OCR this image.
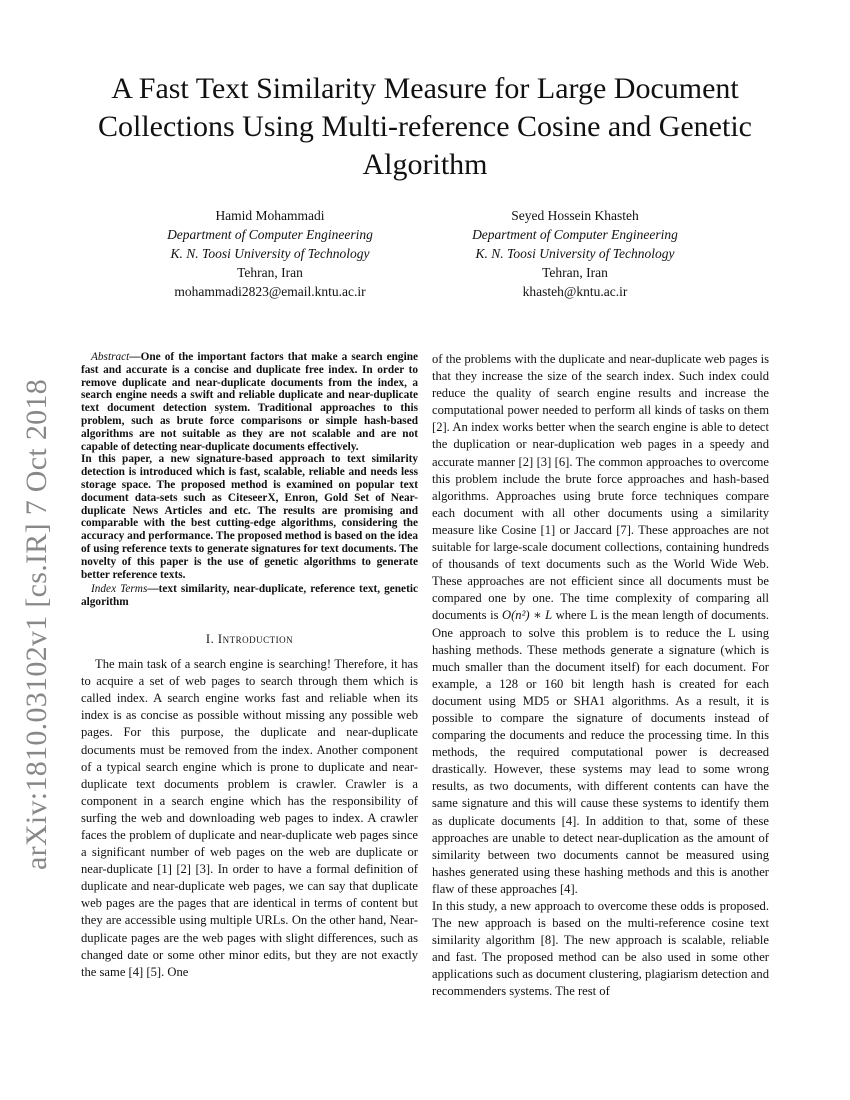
arXiv:1810.03102v1 [cs.IR] 7 Oct 2018
A Fast Text Similarity Measure for Large Document Collections Using Multi-reference Cosine and Genetic Algorithm
Hamid Mohammadi
Department of Computer Engineering
K. N. Toosi University of Technology
Tehran, Iran
mohammadi2823@email.kntu.ac.ir
Seyed Hossein Khasteh
Department of Computer Engineering
K. N. Toosi University of Technology
Tehran, Iran
khasteh@kntu.ac.ir

Abstract—One of the important factors that make a search engine fast and accurate is a concise and duplicate free index. In order to remove duplicate and near-duplicate documents from the index, a search engine needs a swift and reliable duplicate and near-duplicate text document detection system. Traditional approaches to this problem, such as brute force comparisons or simple hash-based algorithms are not suitable as they are not scalable and are not capable of detecting near-duplicate documents effectively.

In this paper, a new signature-based approach to text similarity detection is introduced which is fast, scalable, reliable and needs less storage space. The proposed method is examined on popular text document data-sets such as CiteseerX, Enron, Gold Set of Near-duplicate News Articles and etc. The results are promising and comparable with the best cutting-edge algorithms, considering the accuracy and performance. The proposed method is based on the idea of using reference texts to generate signatures for text documents. The novelty of this paper is the use of genetic algorithms to generate better reference texts.

Index Terms—text similarity, near-duplicate, reference text, genetic algorithm

I. Introduction

The main task of a search engine is searching! Therefore, it has to acquire a set of web pages to search through them which is called index. A search engine works fast and reliable when its index is as concise as possible without missing any possible web pages. For this purpose, the duplicate and near-duplicate documents must be removed from the index. Another component of a typical search engine which is prone to duplicate and near-duplicate text documents problem is crawler. Crawler is a component in a search engine which has the responsibility of surfing the web and downloading web pages to index. A crawler faces the problem of duplicate and near-duplicate web pages since a significant number of web pages on the web are duplicate or near-duplicate [1] [2] [3]. In order to have a formal definition of duplicate and near-duplicate web pages, we can say that duplicate web pages are the pages that are identical in terms of content but they are accessible using multiple URLs. On the other hand, Near-duplicate pages are the web pages with slight differences, such as changed date or some other minor edits, but they are not exactly the same [4] [5]. One

of the problems with the duplicate and near-duplicate web pages is that they increase the size of the search index. Such index could reduce the quality of search engine results and increase the computational power needed to perform all kinds of tasks on them [2]. An index works better when the search engine is able to detect the duplication or near-duplication web pages in a speedy and accurate manner [2] [3] [6]. The common approaches to overcome this problem include the brute force approaches and hash-based algorithms. Approaches using brute force techniques compare each document with all other documents using a similarity measure like Cosine [1] or Jaccard [7]. These approaches are not suitable for large-scale document collections, containing hundreds of thousands of text documents such as the World Wide Web. These approaches are not efficient since all documents must be compared one by one. The time complexity of comparing all documents is O(n²) ∗ L where L is the mean length of documents. One approach to solve this problem is to reduce the L using hashing methods. These methods generate a signature (which is much smaller than the document itself) for each document. For example, a 128 or 160 bit length hash is created for each document using MD5 or SHA1 algorithms. As a result, it is possible to compare the signature of documents instead of comparing the documents and reduce the processing time. In this methods, the required computational power is decreased drastically. However, these systems may lead to some wrong results, as two documents, with different contents can have the same signature and this will cause these systems to identify them as duplicate documents [4]. In addition to that, some of these approaches are unable to detect near-duplication as the amount of similarity between two documents cannot be measured using hashes generated using these hashing methods and this is another flaw of these approaches [4].

In this study, a new approach to overcome these odds is proposed. The new approach is based on the multi-reference cosine text similarity algorithm [8]. The new approach is scalable, reliable and fast. The proposed method can be also used in some other applications such as document clustering, plagiarism detection and recommenders systems. The rest of
